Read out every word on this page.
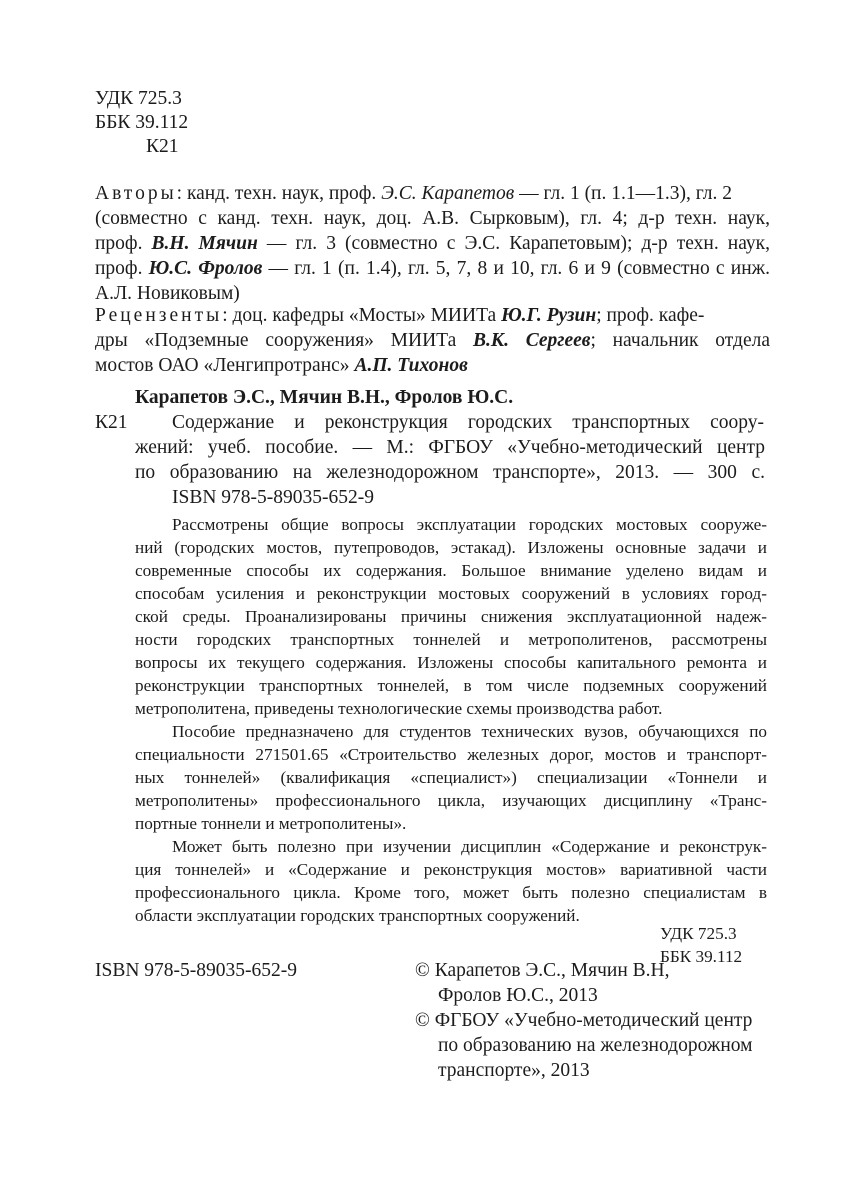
УДК 725.3
ББК 39.112
К21
Авторы: канд. техн. наук, проф. Э.С. Карапетов — гл. 1 (п. 1.1—1.3), гл. 2
(совместно с канд. техн. наук, доц. А.В. Сырковым), гл. 4; д-р техн. наук,
проф. В.Н. Мячин — гл. 3 (совместно с Э.С. Карапетовым); д-р техн. наук,
проф. Ю.С. Фролов — гл. 1 (п. 1.4), гл. 5, 7, 8 и 10, гл. 6 и 9 (совместно с инж.
А.Л. Новиковым)
Рецензенты: доц. кафедры «Мосты» МИИТа Ю.Г. Рузин; проф. кафе-
дры «Подземные сооружения» МИИТа В.К. Сергеев; начальник отдела
мостов ОАО «Ленгипротранс» А.П. Тихонов
Карапетов Э.С., Мячин В.Н., Фролов Ю.С.
К21 Содержание и реконструкция городских транспортных соору-
жений: учеб. пособие. — М.: ФГБОУ «Учебно-методический центр
по образованию на железнодорожном транспорте», 2013. — 300 с.
ISBN 978-5-89035-652-9
Рассмотрены общие вопросы эксплуатации городских мостовых сооруже-
ний (городских мостов, путепроводов, эстакад). Изложены основные задачи и
современные способы их содержания. Большое внимание уделено видам и
способам усиления и реконструкции мостовых сооружений в условиях город-
ской среды. Проанализированы причины снижения эксплуатационной надеж-
ности городских транспортных тоннелей и метрополитенов, рассмотрены
вопросы их текущего содержания. Изложены способы капитального ремонта и
реконструкции транспортных тоннелей, в том числе подземных сооружений
метрополитена, приведены технологические схемы производства работ.
Пособие предназначено для студентов технических вузов, обучающихся по
специальности 271501.65 «Строительство железных дорог, мостов и транспорт-
ных тоннелей» (квалификация «специалист») специализации «Тоннели и
метрополитены» профессионального цикла, изучающих дисциплину «Транс-
портные тоннели и метрополитены».
Может быть полезно при изучении дисциплин «Содержание и реконструк-
ция тоннелей» и «Содержание и реконструкция мостов» вариативной части
профессионального цикла. Кроме того, может быть полезно специалистам в
области эксплуатации городских транспортных сооружений.
УДК 725.3
ББК 39.112
ISBN 978-5-89035-652-9	© Карапетов Э.С., Мячин В.Н,
Фролов Ю.С., 2013
© ФГБОУ «Учебно-методический центр
по образованию на железнодорожном
транспорте», 2013
